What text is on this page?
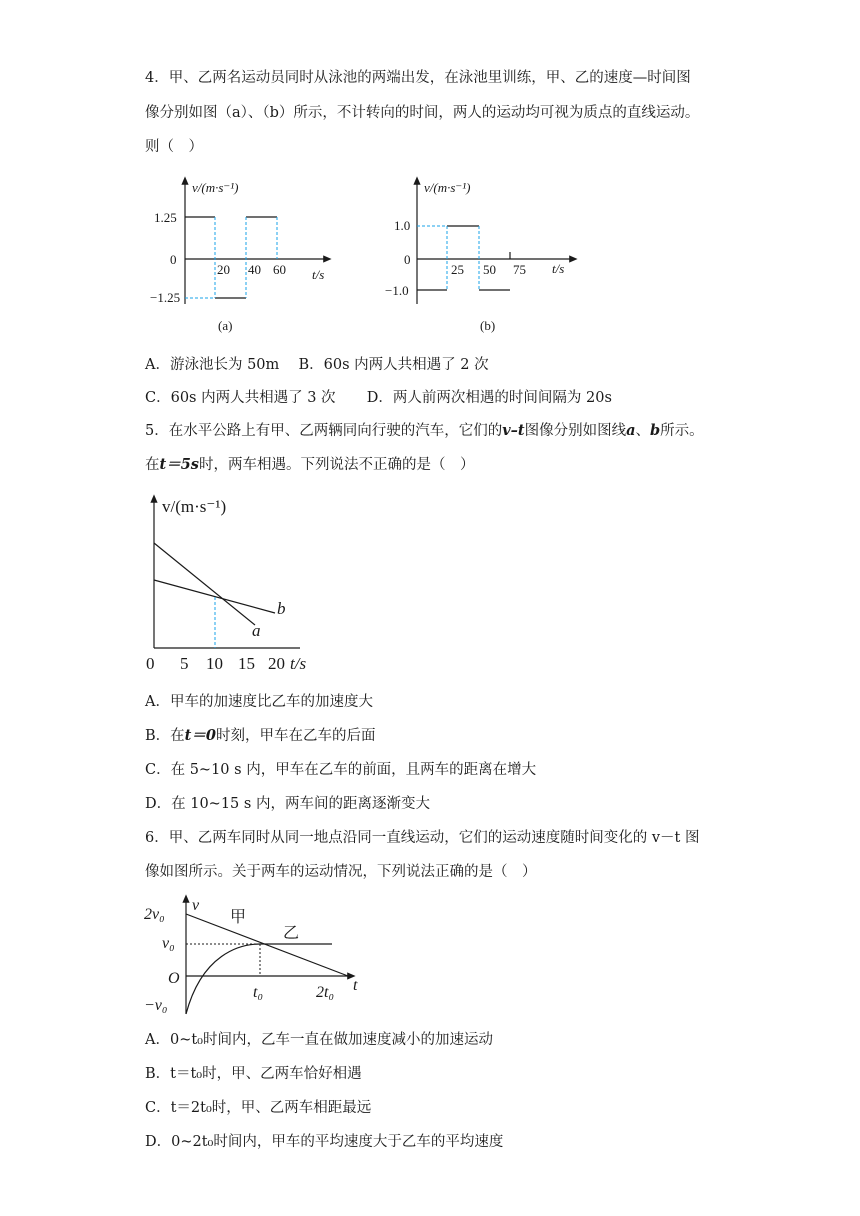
4．甲、乙两名运动员同时从泳池的两端出发，在泳池里训练，甲、乙的速度—时间图
像分别如图（a）、（b）所示，不计转向的时间，两人的运动均可视为质点的直线运动。
则（　）
v/(m·s⁻¹)
t/s
1.25
0
−1.25
20 40 60
(a)
v/(m·s⁻¹)
t/s
1.0
0
−1.0
25 50 75
(b)
A．游泳池长为 50m B．60s 内两人共相遇了 2 次
C．60s 内两人共相遇了 3 次 D．两人前两次相遇的时间间隔为 20s
5．在水平公路上有甲、乙两辆同向行驶的汽车，它们的v–t图像分别如图线a、b所示。
在t＝5s时，两车相遇。下列说法不正确的是（　）
v/(m·s⁻¹)
0 5 10 15 20 t/s
a
b
A．甲车的加速度比乙车的加速度大
B．在t＝0时刻，甲车在乙车的后面
C．在 5~10 s 内，甲车在乙车的前面，且两车的距离在增大
D．在 10~15 s 内，两车间的距离逐渐变大
6．甲、乙两车同时从同一地点沿同一直线运动，它们的运动速度随时间变化的 v－t 图
像如图所示。关于两车的运动情况，下列说法正确的是（　）
v
t
2v₀
v₀
O
−v₀
t₀	2t₀
甲
乙
A．0~t₀时间内，乙车一直在做加速度减小的加速运动
B．t＝t₀时，甲、乙两车恰好相遇
C．t＝2t₀时，甲、乙两车相距最远
D．0~2t₀时间内，甲车的平均速度大于乙车的平均速度
